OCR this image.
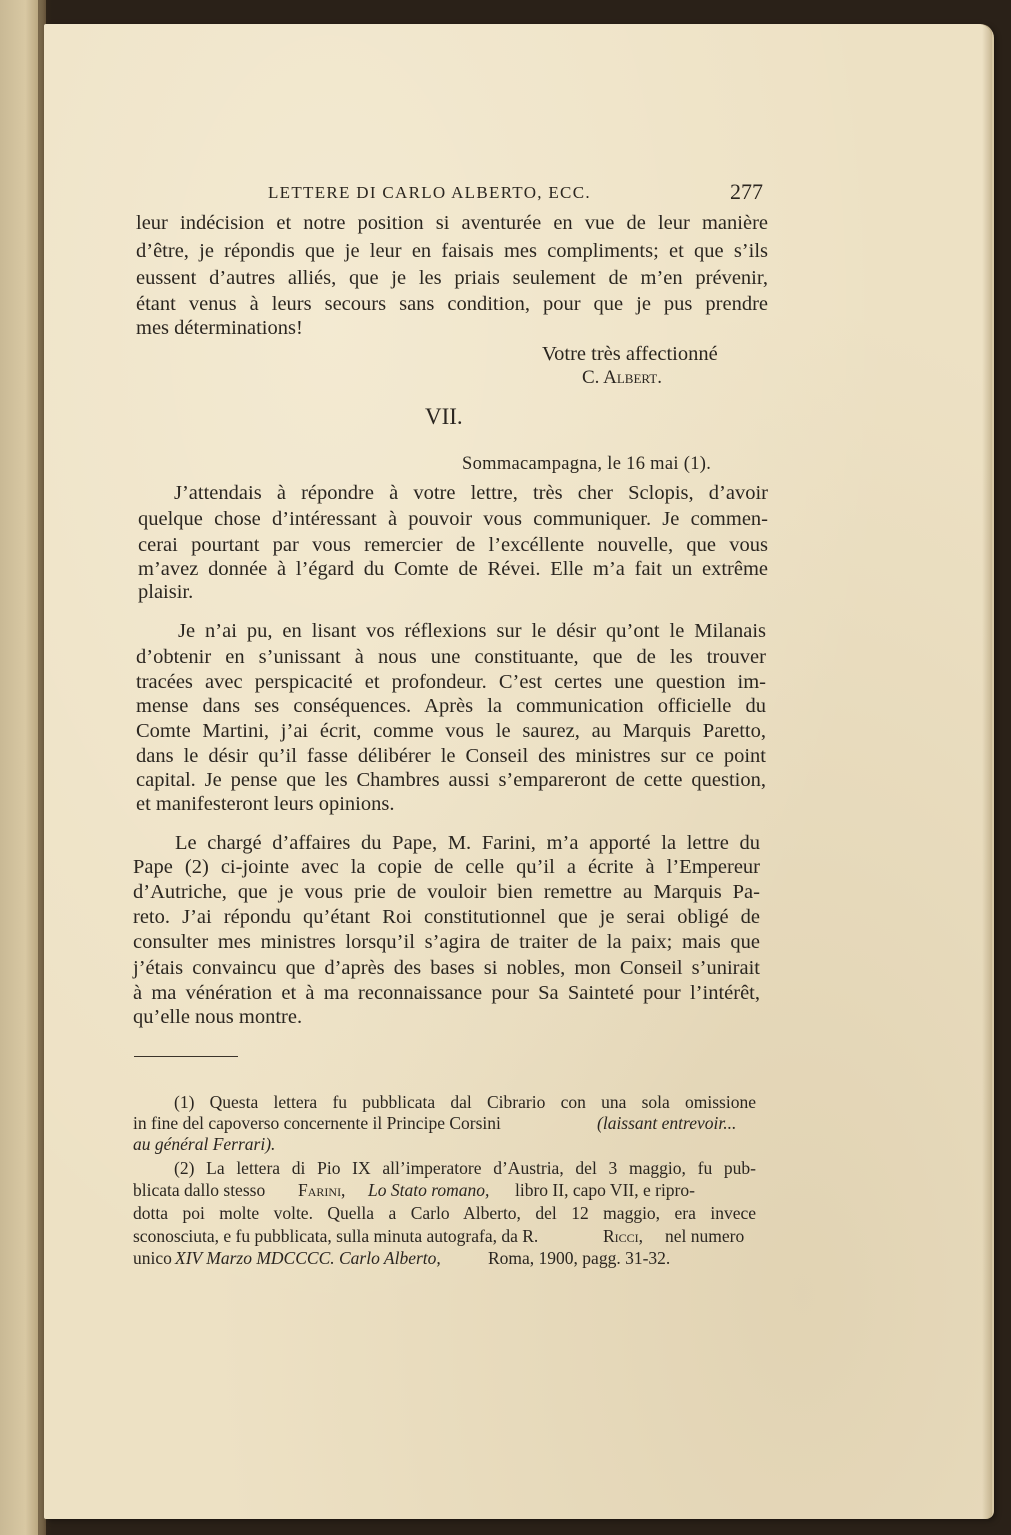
LETTERE DI CARLO ALBERTO, ECC.	277
leur indécision et notre position si aventurée en vue de leur manière
d’être, je répondis que je leur en faisais mes compliments; et que s’ils
eussent d’autres alliés, que je les priais seulement de m’en prévenir,
étant venus à leurs secours sans condition, pour que je pus prendre
mes déterminations!
Votre très affectionné
C. Albert.
VII.
Sommacampagna, le 16 mai (1).
J’attendais à répondre à votre lettre, très cher Sclopis, d’avoir
quelque chose d’intéressant à pouvoir vous communiquer. Je commen-
cerai pourtant par vous remercier de l’excéllente nouvelle, que vous
m’avez donnée à l’égard du Comte de Révei. Elle m’a fait un extrême
plaisir.
Je n’ai pu, en lisant vos réflexions sur le désir qu’ont le Milanais
d’obtenir en s’unissant à nous une constituante, que de les trouver
tracées avec perspicacité et profondeur. C’est certes une question im-
mense dans ses conséquences. Après la communication officielle du
Comte Martini, j’ai écrit, comme vous le saurez, au Marquis Paretto,
dans le désir qu’il fasse délibérer le Conseil des ministres sur ce point
capital. Je pense que les Chambres aussi s’empareront de cette question,
et manifesteront leurs opinions.
Le chargé d’affaires du Pape, M. Farini, m’a apporté la lettre du
Pape (2) ci-jointe avec la copie de celle qu’il a écrite à l’Empereur
d’Autriche, que je vous prie de vouloir bien remettre au Marquis Pa-
reto. J’ai répondu qu’étant Roi constitutionnel que je serai obligé de
consulter mes ministres lorsqu’il s’agira de traiter de la paix; mais que
j’étais convaincu que d’après des bases si nobles, mon Conseil s’unirait
à ma vénération et à ma reconnaissance pour Sa Sainteté pour l’intérêt,
qu’elle nous montre.
(1) Questa lettera fu pubblicata dal Cibrario con una sola omissione
in fine del capoverso concernente il Principe Corsini	(laissant entrevoir...
au général Ferrari).
(2) La lettera di Pio IX all’imperatore d’Austria, del 3 maggio, fu pub-
blicata dallo stesso Farini, Lo Stato romano, libro II, capo VII, e ripro-
dotta poi molte volte. Quella a Carlo Alberto, del 12 maggio, era invece
sconosciuta, e fu pubblicata, sulla minuta autografa, da R.	Ricci, nel numero
unico XIV Marzo MDCCCC. Carlo Alberto,	Roma, 1900, pagg. 31-32.
